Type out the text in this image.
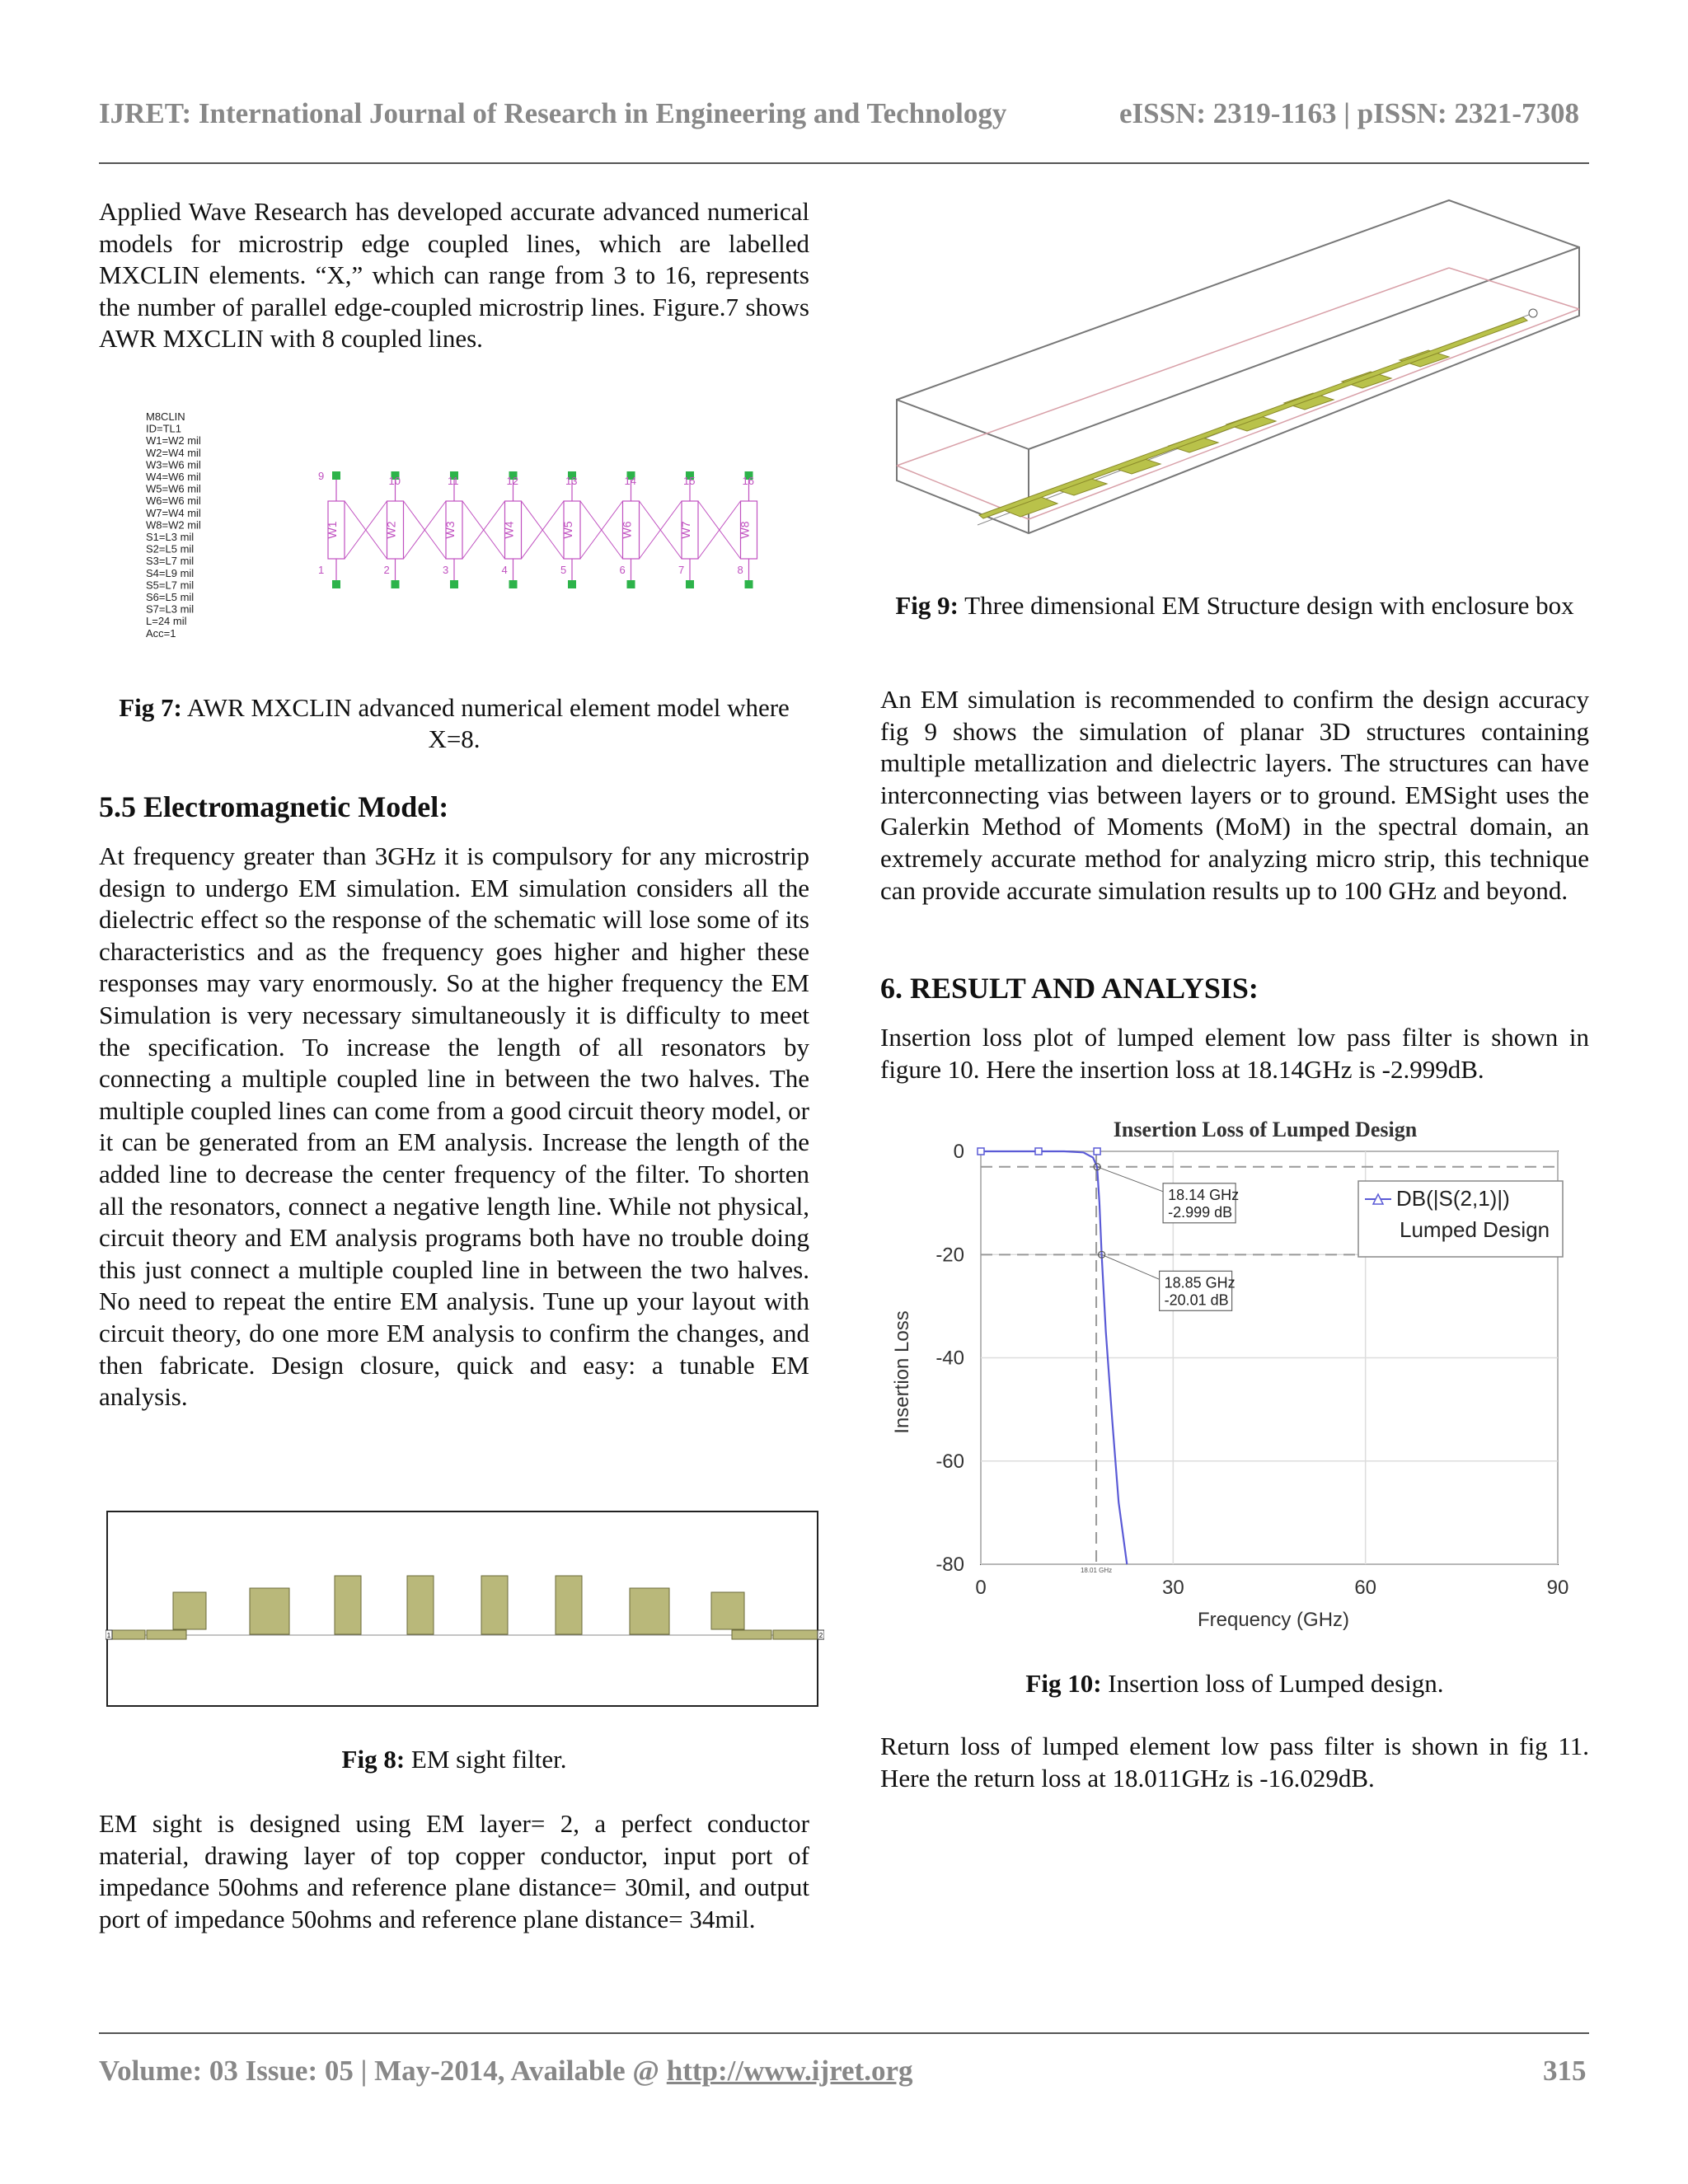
IJRET: International Journal of Research in Engineering and Technology	eISSN: 2319-1163 | pISSN: 2321-7308

Applied Wave Research has developed accurate advanced numerical models for microstrip edge coupled lines, which are labelled MXCLIN elements. “X,” which can range from 3 to 16, represents the number of parallel edge-coupled microstrip lines. Figure.7 shows AWR MXCLIN with 8 coupled lines.

M8CLIN
ID=TL1
W1=W2 mil
W2=W4 mil
W3=W6 mil
W4=W6 mil
W5=W6 mil
W6=W6 mil
W7=W4 mil
W8=W2 mil
S1=L3 mil
S2=L5 mil
S3=L7 mil
S4=L9 mil
S5=L7 mil
S6=L5 mil
S7=L3 mil
L=24 mil
Acc=1
W1
9
1
W2
10
2
W3
11
3
W4
12
4
W5
13
5
W6
14
6
W7
15
7
W8
16
8
Fig 7: AWR MXCLIN advanced numerical element model where X=8.
5.5 Electromagnetic Model:

At frequency greater than 3GHz it is compulsory for any microstrip design to undergo EM simulation. EM simulation considers all the dielectric effect so the response of the schematic will lose some of its characteristics and as the frequency goes higher and higher these responses may vary enormously. So at the higher frequency the EM Simulation is very necessary simultaneously it is difficulty to meet the specification. To increase the length of all resonators by connecting a multiple coupled line in between the two halves. The multiple coupled lines can come from a good circuit theory model, or it can be generated from an EM analysis. Increase the length of the added line to decrease the center frequency of the filter. To shorten all the resonators, connect a negative length line. While not physical, circuit theory and EM analysis programs both have no trouble doing this just connect a multiple coupled line in between the two halves. No need to repeat the entire EM analysis. Tune up your layout with circuit theory, do one more EM analysis to confirm the changes, and then fabricate. Design closure, quick and easy: a tunable EM analysis.

1	2
Fig 8: EM sight filter.

EM sight is designed using EM layer= 2, a perfect conductor material, drawing layer of top copper conductor, input port of impedance 50ohms and reference plane distance= 30mil, and output port of impedance 50ohms and reference plane distance= 34mil.

Fig 9: Three dimensional EM Structure design with enclosure box

An EM simulation is recommended to confirm the design accuracy fig 9 shows the simulation of planar 3D structures containing multiple metallization and dielectric layers. The structures can have interconnecting vias between layers or to ground. EMSight uses the Galerkin Method of Moments (MoM) in the spectral domain, an extremely accurate method for analyzing micro strip, this technique can provide accurate simulation results up to 100 GHz and beyond.

6. RESULT AND ANALYSIS:

Insertion loss plot of lumped element low pass filter is shown in figure 10. Here the insertion loss at 18.14GHz is -2.999dB.

Insertion Loss of Lumped Design
18.01 GHz
18.14 GHz
-2.999 dB
18.85 GHz
-20.01 dB
0	30	60	90
0
-20
-40
-60
-80
DB(|S(2,1)|)
Lumped Design
Frequency (GHz)
Insertion Loss
Fig 10: Insertion loss of Lumped design.

Return loss of lumped element low pass filter is shown in fig 11. Here the return loss at 18.011GHz is -16.029dB.

Volume: 03 Issue: 05 | May-2014, Available @ http://www.ijret.org	315
